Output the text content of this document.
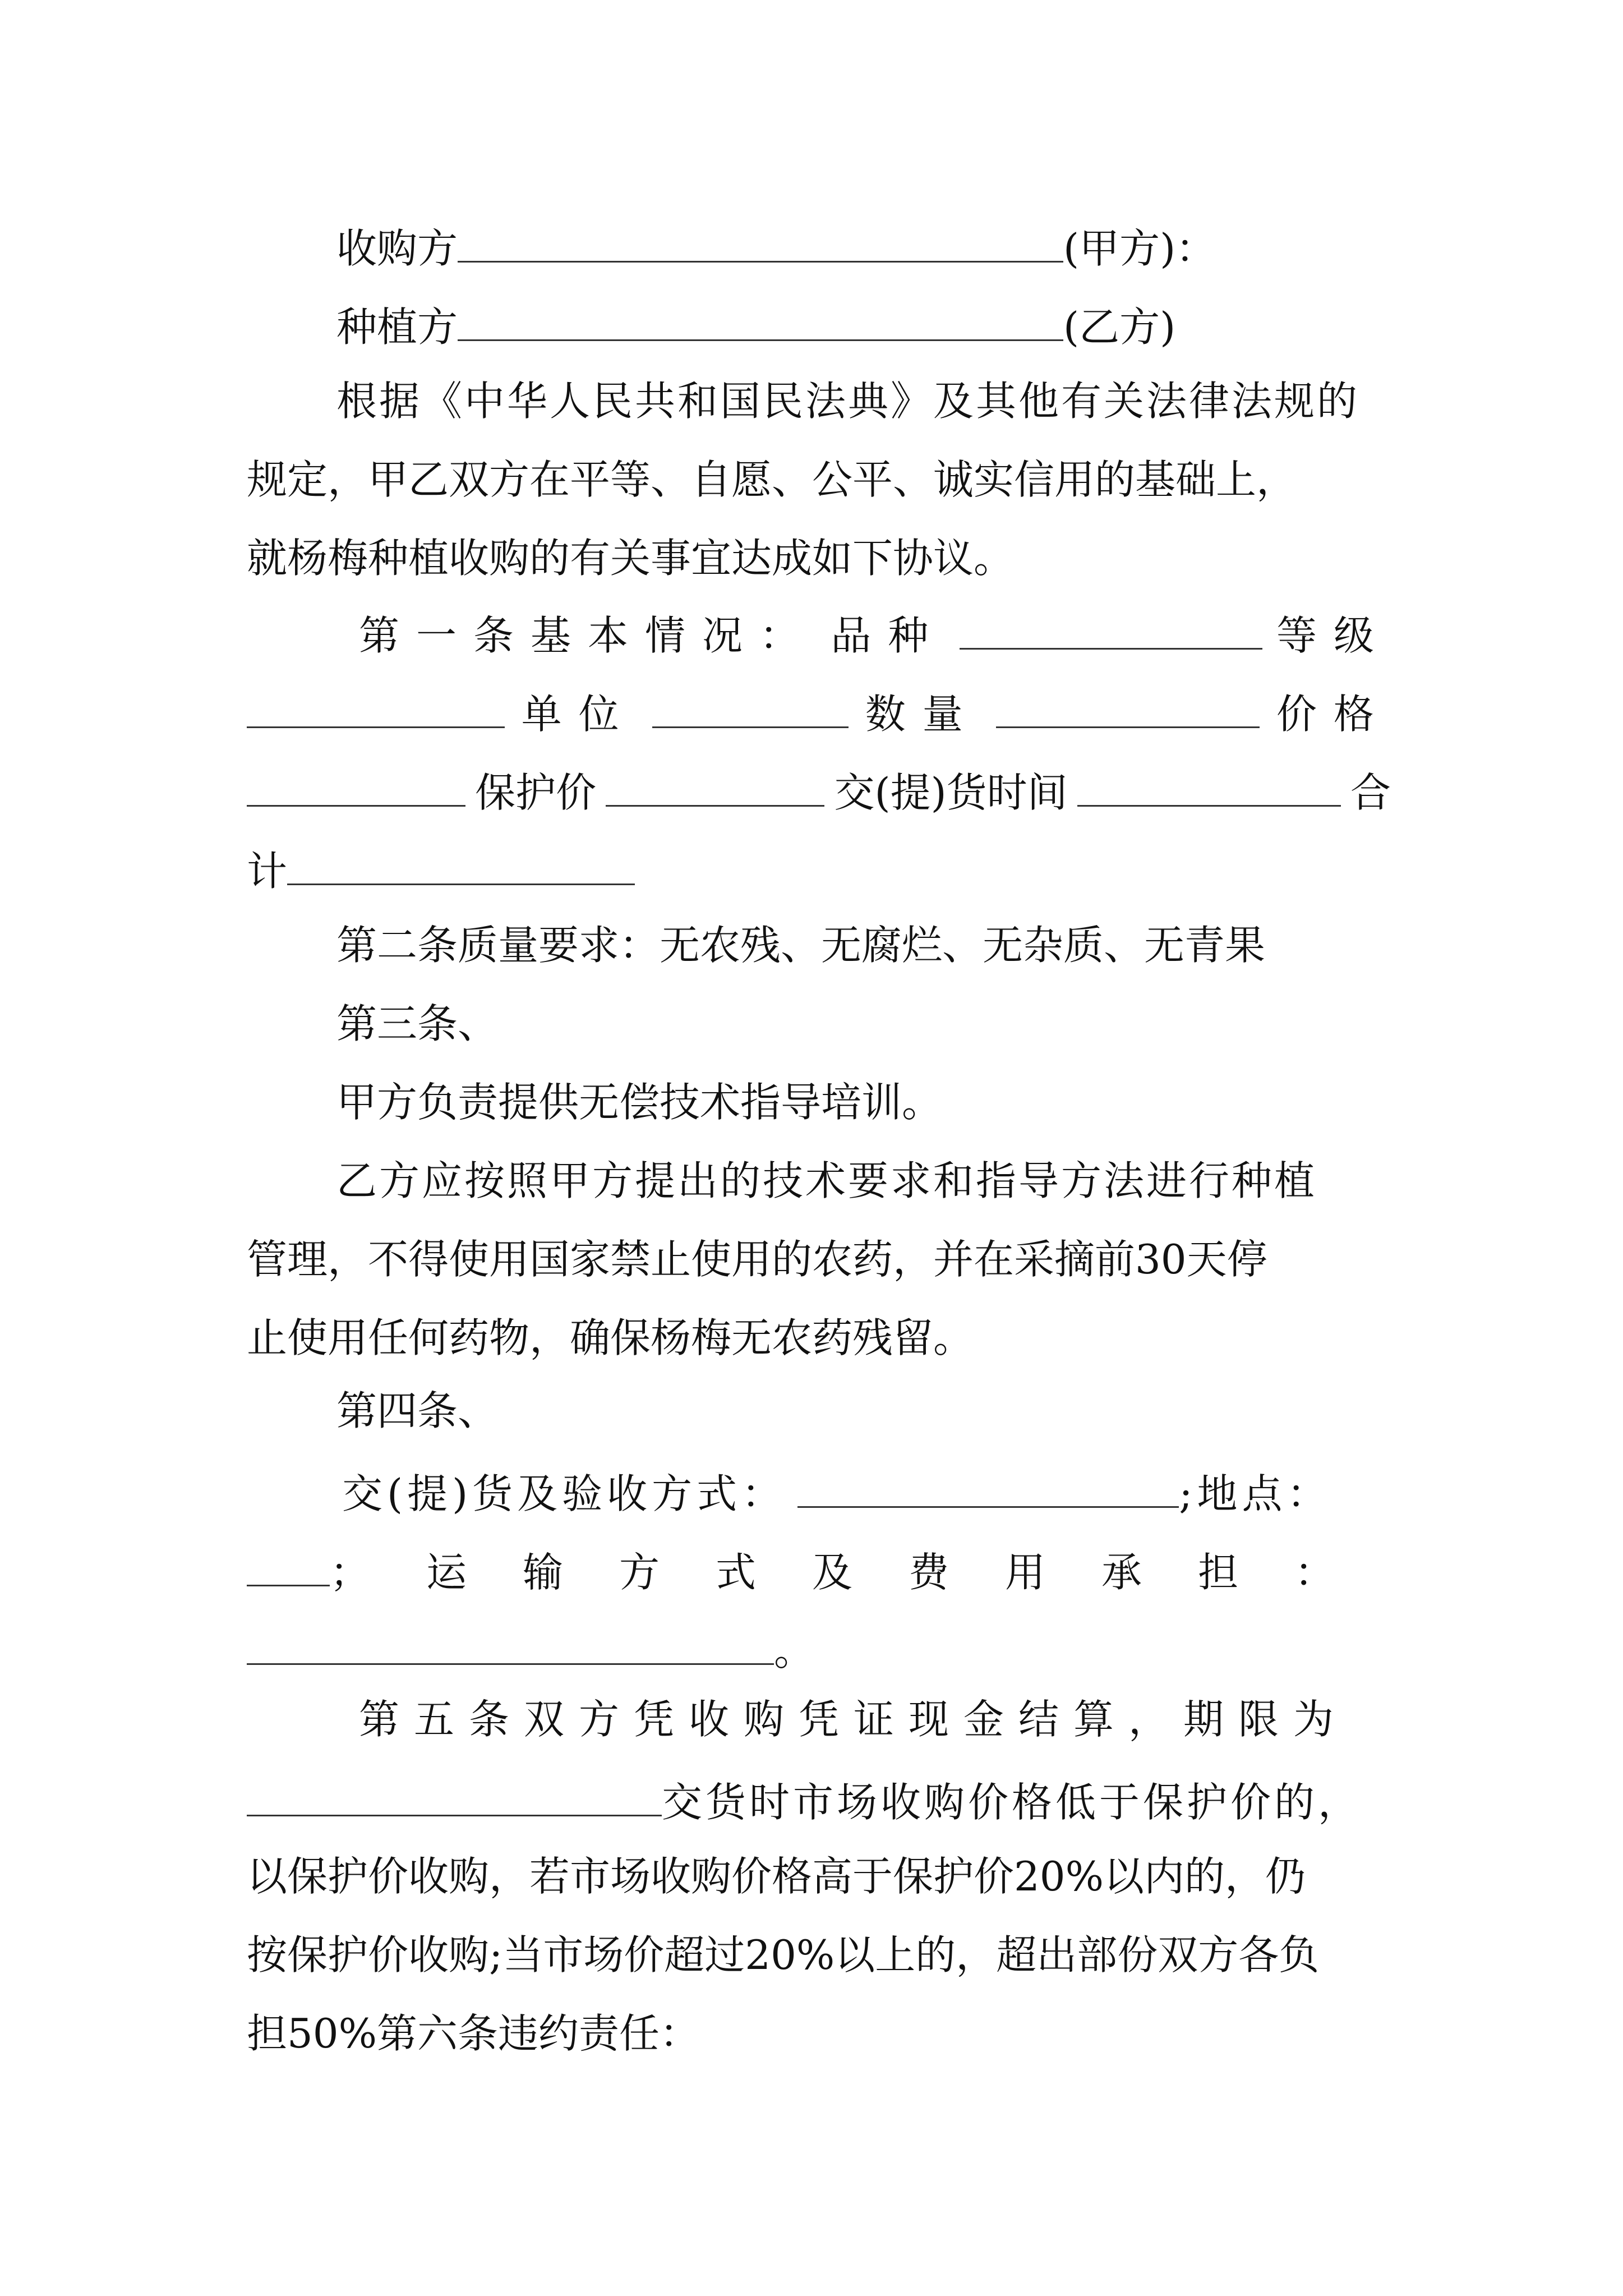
收购方	(甲方)：
种植方	(乙方)
根据《中华人民共和国民法典》及其他有关法律法规的
规定，甲乙双方在平等、自愿、公平、诚实信用的基础上，
就杨梅种植收购的有关事宜达成如下协议。
第一条基本情况： 品种	等级
单位	数量	价格
保护价	交(提)货时间	合
计
第二条质量要求：无农残、无腐烂、无杂质、无青果
第三条、
甲方负责提供无偿技术指导培训。
乙方应按照甲方提出的技术要求和指导方法进行种植
管理，不得使用国家禁止使用的农药，并在采摘前30天停
止使用任何药物，确保杨梅无农药残留。
第四条、
交(提)货及验收方式：	;地点：
；运输方式及费用承担：
。
第五条双方凭收购凭证现金结算，期限为
交货时市场收购价格低于保护价的，
以保护价收购，若市场收购价格高于保护价20%以内的，仍
按保护价收购;当市场价超过20%以上的，超出部份双方各负
担50%第六条违约责任：
